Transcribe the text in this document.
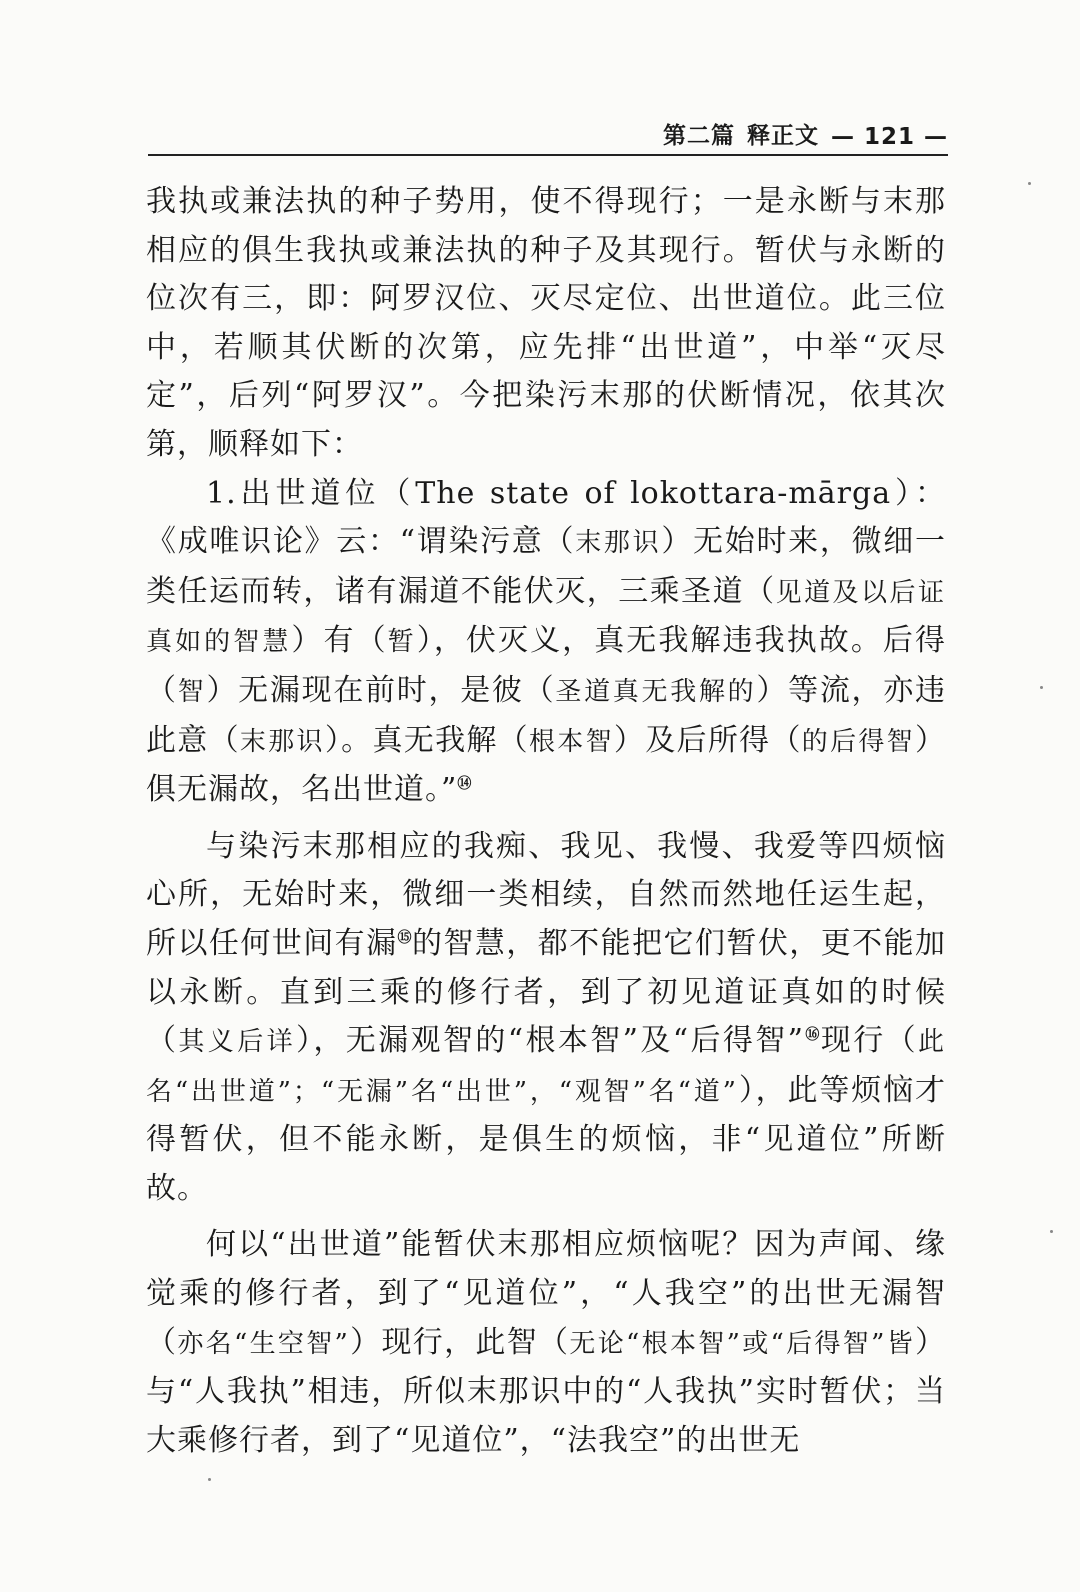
第二篇 释正文 — 121 —

我执或兼法执的种子势用，使不得现行；一是永断与末那相应的俱生我执或兼法执的种子及其现行。暂伏与永断的位次有三，即：阿罗汉位、灭尽定位、出世道位。此三位中，若顺其伏断的次第，应先排“出世道”，中举“灭尽定”，后列“阿罗汉”。今把染污末那的伏断情况，依其次第，顺释如下：

1.出世道位（The state of lokottara-mārga）：《成唯识论》云：“谓染污意（末那识）无始时来，微细一类任运而转，诸有漏道不能伏灭，三乘圣道（见道及以后证真如的智慧）有（暂），伏灭义，真无我解违我执故。后得（智）无漏现在前时，是彼（圣道真无我解的）等流，亦违此意（末那识）。真无我解（根本智）及后所得（的后得智）俱无漏故，名出世道。”⑭

与染污末那相应的我痴、我见、我慢、我爱等四烦恼心所，无始时来，微细一类相续，自然而然地任运生起，所以任何世间有漏⑮的智慧，都不能把它们暂伏，更不能加以永断。直到三乘的修行者，到了初见道证真如的时候（其义后详），无漏观智的“根本智”及“后得智”⑯现行（此名“出世道”；“无漏”名“出世”，“观智”名“道”），此等烦恼才得暂伏，但不能永断，是俱生的烦恼，非“见道位”所断故。

何以“出世道”能暂伏末那相应烦恼呢？因为声闻、缘觉乘的修行者，到了“见道位”，“人我空”的出世无漏智（亦名“生空智”）现行，此智（无论“根本智”或“后得智”皆）与“人我执”相违，所似末那识中的“人我执”实时暂伏；当大乘修行者，到了“见道位”，“法我空”的出世无
